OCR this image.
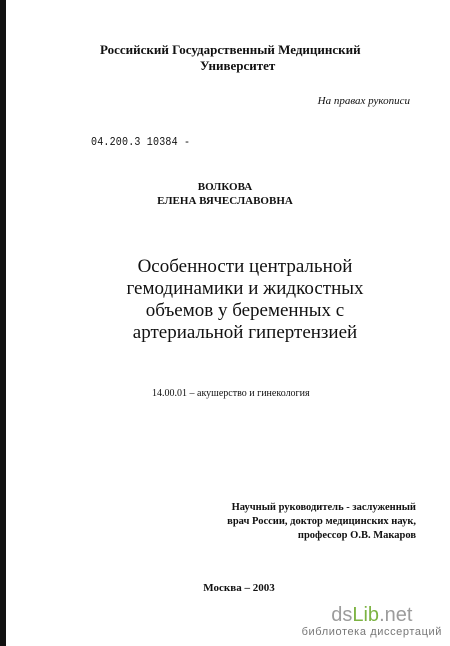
Российский Государственный Медицинский
Университет
На правах рукописи
04.200.3 10384 -
ВОЛКОВА
ЕЛЕНА ВЯЧЕСЛАВОВНА
Особенности центральной
гемодинамики и жидкостных
объемов у беременных с
артериальной гипертензией
14.00.01 – акушерство и гинекология
Научный руководитель - заслуженный
врач России, доктор медицинских наук,
профессор О.В. Макаров
Москва – 2003
dsLib.net
библиотека диссертаций
